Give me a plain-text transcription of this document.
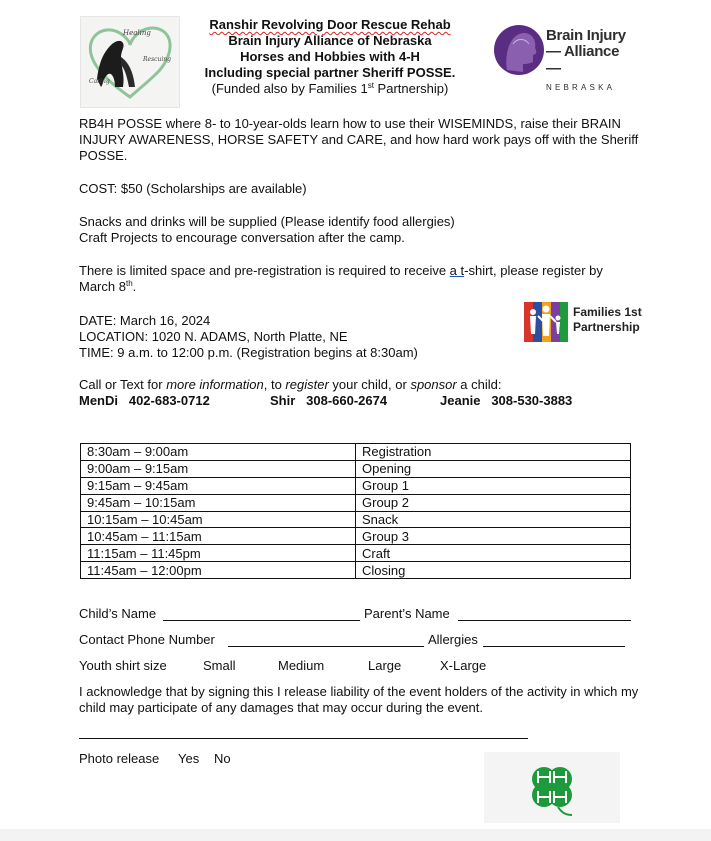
Healing
Rescuing
Caring
Ranshir Revolving Door Rescue Rehab
Brain Injury Alliance of Nebraska
Horses and Hobbies with 4-H
Including special partner Sheriff POSSE.
(Funded also by Families 1st Partnership)
Brain Injury
— Alliance —
NEBRASKA
RB4H POSSE where 8- to 10-year-olds learn how to use their WISEMINDS, raise their BRAIN INJURY AWARENESS, HORSE SAFETY and CARE, and how hard work pays off with the Sheriff POSSE.
COST: $50 (Scholarships are available)
Snacks and drinks will be supplied (Please identify food allergies)
Craft Projects to encourage conversation after the camp.
There is limited space and pre-registration is required to receive a t-shirt, please register by March 8th.
DATE: March 16, 2024
LOCATION: 1020 N. ADAMS, North Platte, NE
TIME: 9 a.m. to 12:00 p.m. (Registration begins at 8:30am)
Families 1st
Partnership
Call or Text for more information, to register your child, or sponsor a child:
MenDi 402-683-0712	Shir 308-660-2674	Jeanie 308-530-3883
8:30am – 9:00am	Registration
9:00am – 9:15am	Opening
9:15am – 9:45am	Group 1
9:45am – 10:15am	Group 2
10:15am – 10:45am	Snack
10:45am – 11:15am	Group 3
11:15am – 11:45pm	Craft
11:45am – 12:00pm	Closing
Child’s Name	Parent’s Name
Contact Phone Number	Allergies
Youth shirt size	Small	Medium	Large	X-Large
I acknowledge that by signing this I release liability of the event holders of the activity in which my child may participate of any damages that may occur during the event.
Photo release Yes No
